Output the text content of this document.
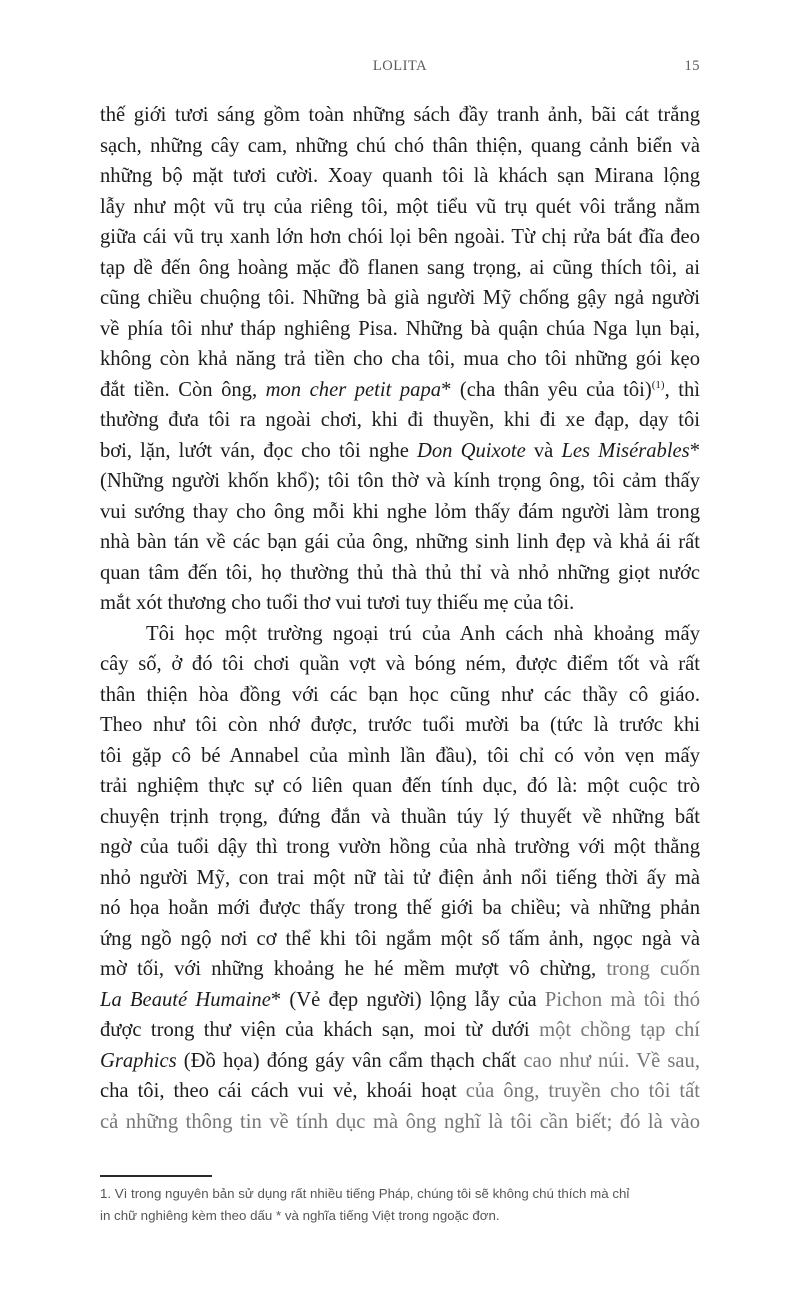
LOLITA	15
thế giới tươi sáng gồm toàn những sách đầy tranh ảnh, bãi cát trắng
sạch, những cây cam, những chú chó thân thiện, quang cảnh biển và
những bộ mặt tươi cười. Xoay quanh tôi là khách sạn Mirana lộng
lẫy như một vũ trụ của riêng tôi, một tiểu vũ trụ quét vôi trắng nằm
giữa cái vũ trụ xanh lớn hơn chói lọi bên ngoài. Từ chị rửa bát đĩa đeo
tạp dề đến ông hoàng mặc đồ flanen sang trọng, ai cũng thích tôi, ai
cũng chiều chuộng tôi. Những bà già người Mỹ chống gậy ngả người
về phía tôi như tháp nghiêng Pisa. Những bà quận chúa Nga lụn bại,
không còn khả năng trả tiền cho cha tôi, mua cho tôi những gói kẹo
đắt tiền. Còn ông, mon cher petit papa* (cha thân yêu của tôi)$^{(1)}$, thì
thường đưa tôi ra ngoài chơi, khi đi thuyền, khi đi xe đạp, dạy tôi
bơi, lặn, lướt ván, đọc cho tôi nghe Don Quixote và Les Misérables*
(Những người khốn khổ); tôi tôn thờ và kính trọng ông, tôi cảm thấy
vui sướng thay cho ông mỗi khi nghe lỏm thấy đám người làm trong
nhà bàn tán về các bạn gái của ông, những sinh linh đẹp và khả ái rất
quan tâm đến tôi, họ thường thủ thà thủ thỉ và nhỏ những giọt nước
mắt xót thương cho tuổi thơ vui tươi tuy thiếu mẹ của tôi.
Tôi học một trường ngoại trú của Anh cách nhà khoảng mấy
cây số, ở đó tôi chơi quần vợt và bóng ném, được điểm tốt và rất
thân thiện hòa đồng với các bạn học cũng như các thầy cô giáo.
Theo như tôi còn nhớ được, trước tuổi mười ba (tức là trước khi
tôi gặp cô bé Annabel của mình lần đầu), tôi chỉ có vỏn vẹn mấy
trải nghiệm thực sự có liên quan đến tính dục, đó là: một cuộc trò
chuyện trịnh trọng, đứng đắn và thuần túy lý thuyết về những bất
ngờ của tuổi dậy thì trong vườn hồng của nhà trường với một thằng
nhỏ người Mỹ, con trai một nữ tài tử điện ảnh nổi tiếng thời ấy mà
nó họa hoằn mới được thấy trong thế giới ba chiều; và những phản
ứng ngồ ngộ nơi cơ thể khi tôi ngắm một số tấm ảnh, ngọc ngà và
mờ tối, với những khoảng he hé mềm mượt vô chừng, trong cuốn
La Beauté Humaine* (Vẻ đẹp người) lộng lẫy của Pichon mà tôi thó
được trong thư viện của khách sạn, moi từ dưới một chồng tạp chí
Graphics (Đồ họa) đóng gáy vân cẩm thạch chất cao như núi. Về sau,
cha tôi, theo cái cách vui vẻ, khoái hoạt của ông, truyền cho tôi tất
cả những thông tin về tính dục mà ông nghĩ là tôi cần biết; đó là vào
1. Vì trong nguyên bản sử dụng rất nhiều tiếng Pháp, chúng tôi sẽ không chú thích mà chỉ
in chữ nghiêng kèm theo dấu * và nghĩa tiếng Việt trong ngoặc đơn.
